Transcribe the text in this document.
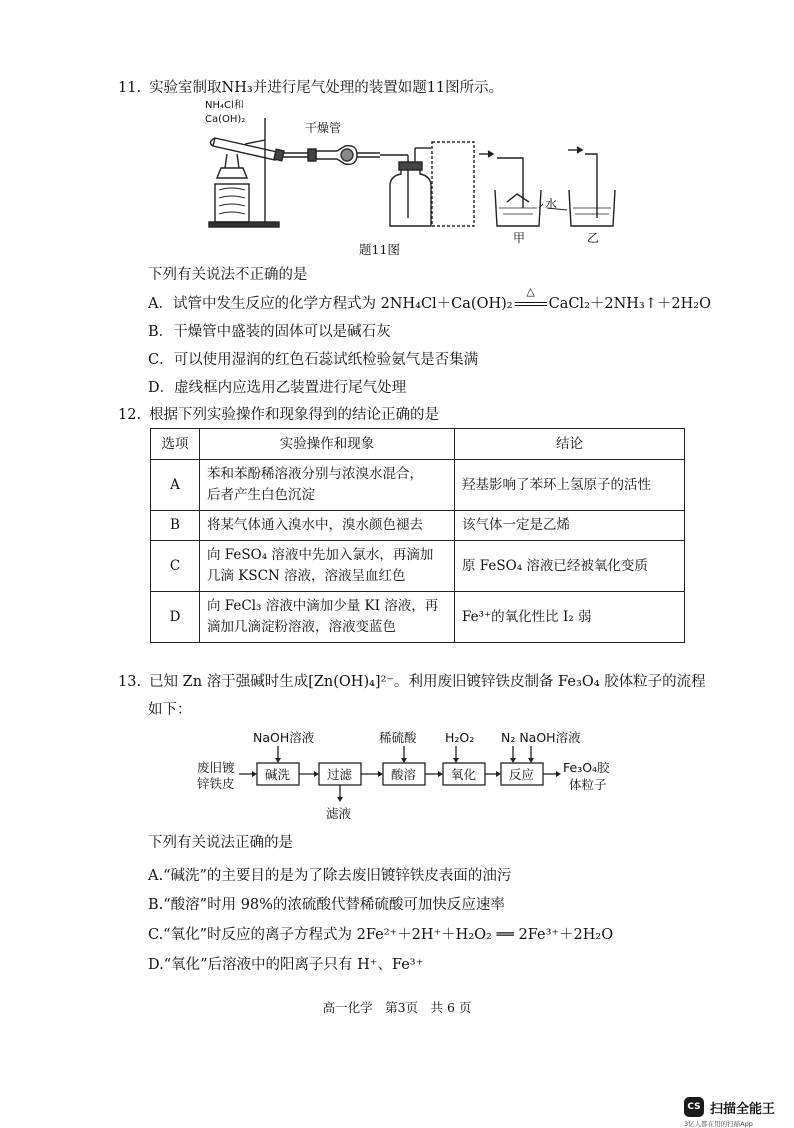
11. 实验室制取NH₃并进行尾气处理的装置如题11图所示。
NH₄Cl和
Ca(OH)₂
干燥管
水
甲	乙
题11图
下列有关说法不正确的是
A．试管中发生反应的化学方程式为 2NH₄Cl＋Ca(OH)₂
△
CaCl₂＋2NH₃↑＋2H₂O
B．干燥管中盛装的固体可以是碱石灰
C．可以使用湿润的红色石蕊试纸检验氨气是否集满
D．虚线框内应选用乙装置进行尾气处理
12. 根据下列实验操作和现象得到的结论正确的是
选项	实验操作和现象	结论
A	苯和苯酚稀溶液分别与浓溴水混合，
后者产生白色沉淀	羟基影响了苯环上氢原子的活性
B	将某气体通入溴水中，溴水颜色褪去	该气体一定是乙烯
C	向 FeSO₄ 溶液中先加入氯水，再滴加
几滴 KSCN 溶液，溶液呈血红色	原 FeSO₄ 溶液已经被氧化变质
D	向 FeCl₃ 溶液中滴加少量 KI 溶液，再
滴加几滴淀粉溶液，溶液变蓝色	Fe³⁺的氧化性比 I₂ 弱
13. 已知 Zn 溶于强碱时生成[Zn(OH)₄]²⁻。利用废旧镀锌铁皮制备 Fe₃O₄ 胶体粒子的流程
如下：
废旧镀
锌铁皮
碱洗	过滤	酸溶	氧化	反应
NaOH溶液	稀硫酸 H₂O₂ N₂ NaOH溶液
滤液
Fe₃O₄胶
体粒子
下列有关说法正确的是
A.“碱洗”的主要目的是为了除去废旧镀锌铁皮表面的油污
B.“酸溶”时用 98%的浓硫酸代替稀硫酸可加快反应速率
C.“氧化”时反应的离子方程式为 2Fe²⁺＋2H⁺＋H₂O₂ ══ 2Fe³⁺＋2H₂O
D.“氧化”后溶液中的阳离子只有 H⁺、Fe³⁺
高一化学　第3页　共 6 页
CS 扫描全能王
3亿人都在用的扫描App
